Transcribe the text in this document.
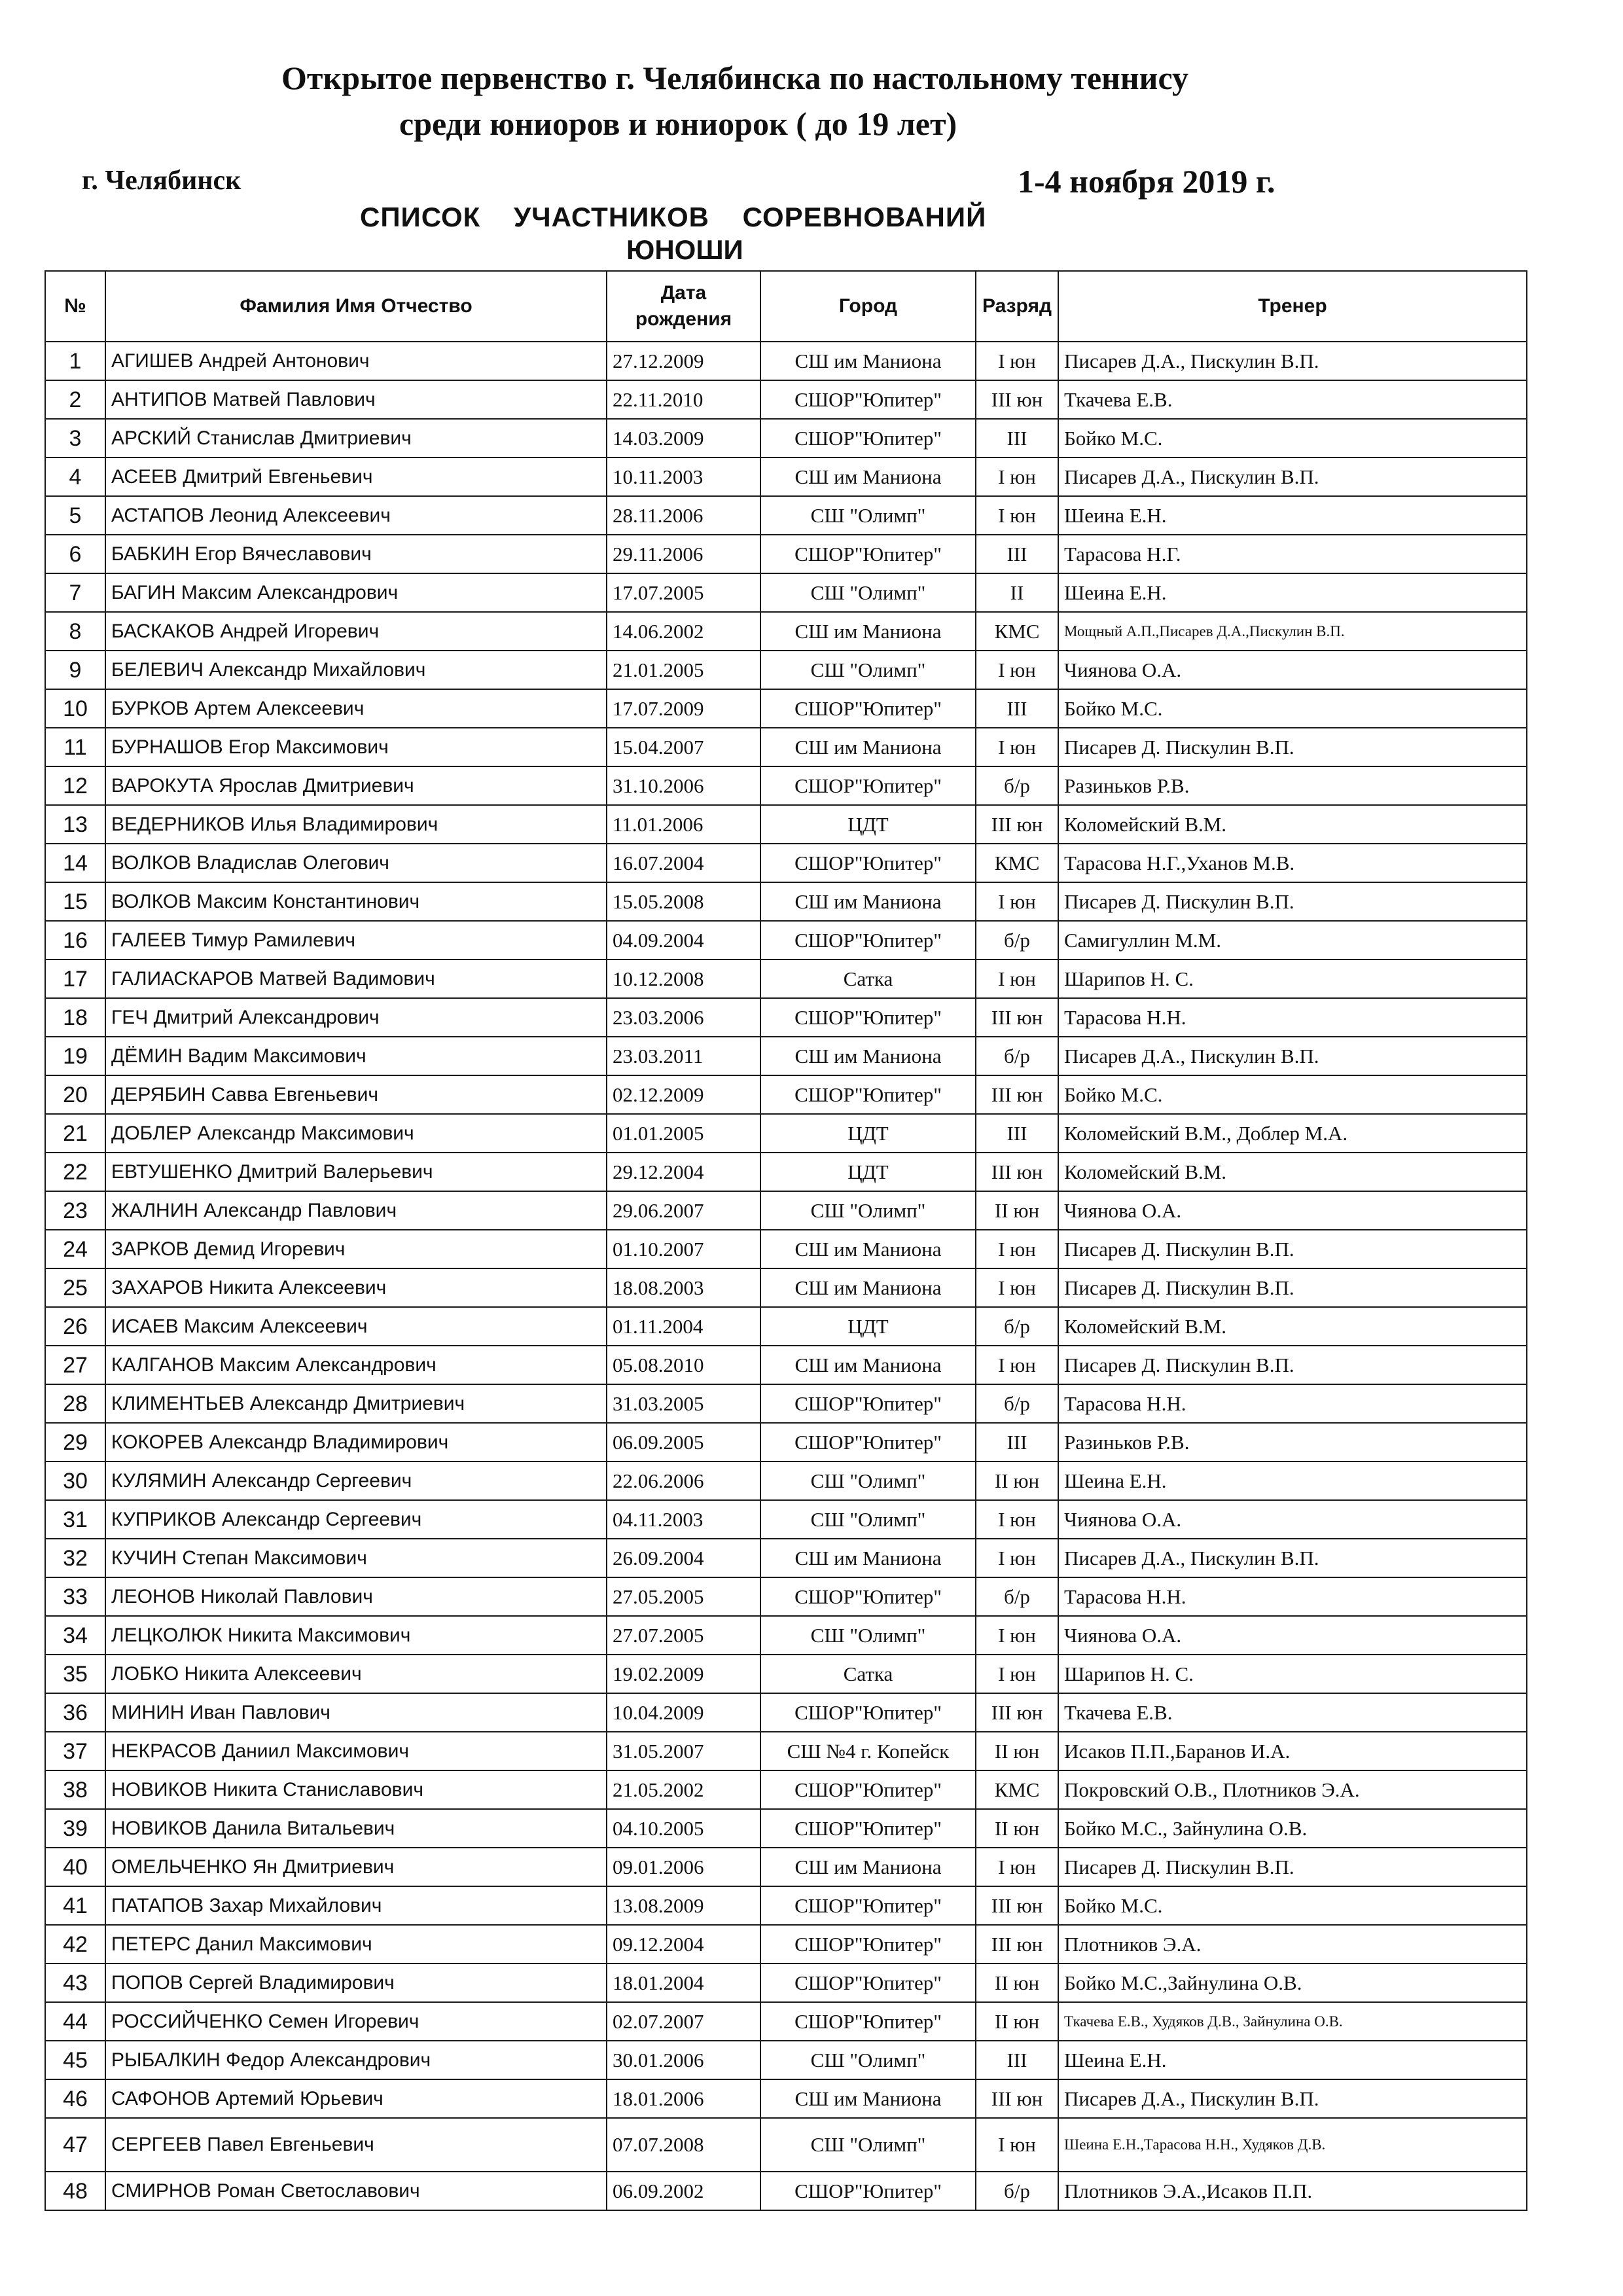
Открытое первенство г. Челябинска по настольному теннису
среди юниоров и юниорок ( до 19 лет)
г. Челябинск	1-4 ноября 2019 г.
СПИСОК    УЧАСТНИКОВ    СОРЕВНОВАНИЙ
ЮНОШИ
№	Фамилия Имя Отчество	Дата рождения	Город	Разряд	Тренер
1	АГИШЕВ Андрей Антонович	27.12.2009	СШ им Маниона	I юн	Писарев Д.А., Пискулин В.П.
2	АНТИПОВ Матвей Павлович	22.11.2010	СШОР"Юпитер"	III юн	Ткачева Е.В.
3	АРСКИЙ Станислав Дмитриевич	14.03.2009	СШОР"Юпитер"	III	Бойко М.С.
4	АСЕЕВ Дмитрий Евгеньевич	10.11.2003	СШ им Маниона	I юн	Писарев Д.А., Пискулин В.П.
5	АСТАПОВ Леонид Алексеевич	28.11.2006	СШ "Олимп"	I юн	Шеина Е.Н.
6	БАБКИН Егор Вячеславович	29.11.2006	СШОР"Юпитер"	III	Тарасова Н.Г.
7	БАГИН Максим Александрович	17.07.2005	СШ "Олимп"	II	Шеина Е.Н.
8	БАСКАКОВ Андрей Игоревич	14.06.2002	СШ им Маниона	КМС	Мощный А.П.,Писарев Д.А.,Пискулин В.П.
9	БЕЛЕВИЧ Александр Михайлович	21.01.2005	СШ "Олимп"	I юн	Чиянова О.А.
10	БУРКОВ Артем Алексеевич	17.07.2009	СШОР"Юпитер"	III	Бойко М.С.
11	БУРНАШОВ Егор Максимович	15.04.2007	СШ им Маниона	I юн	Писарев Д. Пискулин В.П.
12	ВАРОКУТА Ярослав Дмитриевич	31.10.2006	СШОР"Юпитер"	б/р	Разиньков Р.В.
13	ВЕДЕРНИКОВ Илья Владимирович	11.01.2006	ЦДТ	III юн	Коломейский В.М.
14	ВОЛКОВ Владислав Олегович	16.07.2004	СШОР"Юпитер"	КМС	Тарасова Н.Г.,Уханов М.В.
15	ВОЛКОВ Максим Константинович	15.05.2008	СШ им Маниона	I юн	Писарев Д. Пискулин В.П.
16	ГАЛЕЕВ Тимур Рамилевич	04.09.2004	СШОР"Юпитер"	б/р	Самигуллин М.М.
17	ГАЛИАСКАРОВ Матвей Вадимович	10.12.2008	Сатка	I юн	Шарипов Н. С.
18	ГЕЧ Дмитрий Александрович	23.03.2006	СШОР"Юпитер"	III юн	Тарасова Н.Н.
19	ДЁМИН Вадим Максимович	23.03.2011	СШ им Маниона	б/р	Писарев Д.А., Пискулин В.П.
20	ДЕРЯБИН Савва Евгеньевич	02.12.2009	СШОР"Юпитер"	III юн	Бойко М.С.
21	ДОБЛЕР Александр Максимович	01.01.2005	ЦДТ	III	Коломейский В.М., Доблер М.А.
22	ЕВТУШЕНКО Дмитрий Валерьевич	29.12.2004	ЦДТ	III юн	Коломейский В.М.
23	ЖАЛНИН Александр Павлович	29.06.2007	СШ "Олимп"	II юн	Чиянова О.А.
24	ЗАРКОВ Демид Игоревич	01.10.2007	СШ им Маниона	I юн	Писарев Д. Пискулин В.П.
25	ЗАХАРОВ Никита Алексеевич	18.08.2003	СШ им Маниона	I юн	Писарев Д. Пискулин В.П.
26	ИСАЕВ Максим Алексеевич	01.11.2004	ЦДТ	б/р	Коломейский В.М.
27	КАЛГАНОВ Максим Александрович	05.08.2010	СШ им Маниона	I юн	Писарев Д. Пискулин В.П.
28	КЛИМЕНТЬЕВ Александр Дмитриевич	31.03.2005	СШОР"Юпитер"	б/р	Тарасова Н.Н.
29	КОКОРЕВ Александр Владимирович	06.09.2005	СШОР"Юпитер"	III	Разиньков Р.В.
30	КУЛЯМИН Александр Сергеевич	22.06.2006	СШ "Олимп"	II юн	Шеина Е.Н.
31	КУПРИКОВ Александр Сергеевич	04.11.2003	СШ "Олимп"	I юн	Чиянова О.А.
32	КУЧИН Степан Максимович	26.09.2004	СШ им Маниона	I юн	Писарев Д.А., Пискулин В.П.
33	ЛЕОНОВ Николай Павлович	27.05.2005	СШОР"Юпитер"	б/р	Тарасова Н.Н.
34	ЛЕЦКОЛЮК Никита Максимович	27.07.2005	СШ "Олимп"	I юн	Чиянова О.А.
35	ЛОБКО Никита Алексеевич	19.02.2009	Сатка	I юн	Шарипов Н. С.
36	МИНИН Иван Павлович	10.04.2009	СШОР"Юпитер"	III юн	Ткачева Е.В.
37	НЕКРАСОВ Даниил Максимович	31.05.2007	СШ №4 г. Копейск	II юн	Исаков П.П.,Баранов И.А.
38	НОВИКОВ Никита Станиславович	21.05.2002	СШОР"Юпитер"	КМС	Покровский О.В., Плотников Э.А.
39	НОВИКОВ Данила Витальевич	04.10.2005	СШОР"Юпитер"	II юн	Бойко М.С., Зайнулина О.В.
40	ОМЕЛЬЧЕНКО Ян Дмитриевич	09.01.2006	СШ им Маниона	I юн	Писарев Д. Пискулин В.П.
41	ПАТАПОВ Захар Михайлович	13.08.2009	СШОР"Юпитер"	III юн	Бойко М.С.
42	ПЕТЕРС Данил Максимович	09.12.2004	СШОР"Юпитер"	III юн	Плотников Э.А.
43	ПОПОВ Сергей Владимирович	18.01.2004	СШОР"Юпитер"	II юн	Бойко М.С.,Зайнулина О.В.
44	РОССИЙЧЕНКО Семен Игоревич	02.07.2007	СШОР"Юпитер"	II юн	Ткачева Е.В., Худяков Д.В., Зайнулина О.В.
45	РЫБАЛКИН Федор Александрович	30.01.2006	СШ "Олимп"	III	Шеина Е.Н.
46	САФОНОВ Артемий Юрьевич	18.01.2006	СШ им Маниона	III юн	Писарев Д.А., Пискулин В.П.
47	СЕРГЕЕВ Павел Евгеньевич	07.07.2008	СШ "Олимп"	I юн	Шеина Е.Н.,Тарасова Н.Н., Худяков Д.В.
48	СМИРНОВ Роман Светославович	06.09.2002	СШОР"Юпитер"	б/р	Плотников Э.А.,Исаков П.П.
